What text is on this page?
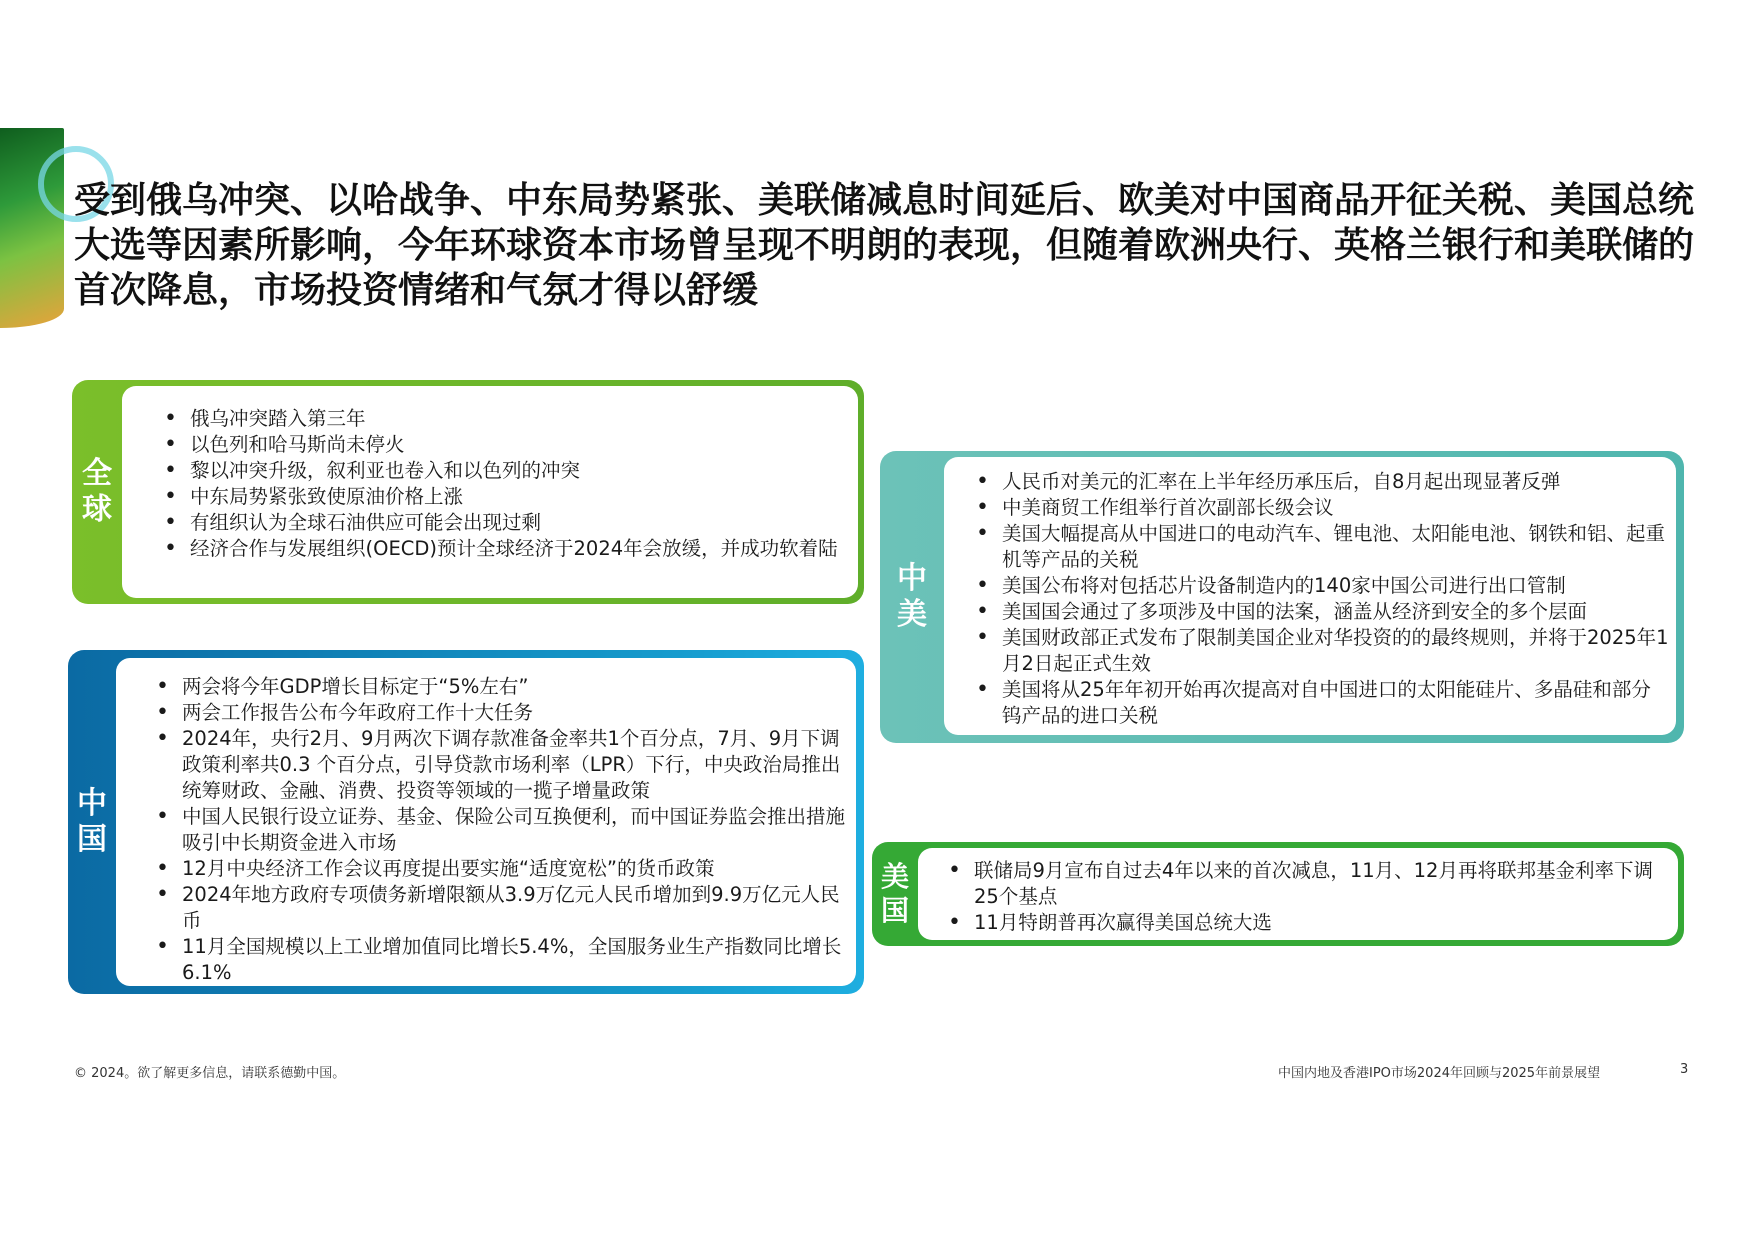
受到俄乌冲突、以哈战争、中东局势紧张、美联储减息时间延后、欧美对中国商品开征关税、美国总统大选等因素所影响，今年环球资本市场曾呈现不明朗的表现，但随着欧洲央行、英格兰银行和美联储的首次降息，市场投资情绪和气氛才得以舒缓
全
球
• 俄乌冲突踏入第三年
• 以色列和哈马斯尚未停火
• 黎以冲突升级，叙利亚也卷入和以色列的冲突
• 中东局势紧张致使原油价格上涨
• 有组织认为全球石油供应可能会出现过剩
• 经济合作与发展组织(OECD)预计全球经济于2024年会放缓，并成功软着陆
中
国
• 两会将今年GDP增长目标定于“5%左右”
• 两会工作报告公布今年政府工作十大任务
• 2024年，央行2月、9月两次下调存款准备金率共1个百分点，7月、9月下调政策利率共0.3 个百分点，引导贷款市场利率（LPR）下行，中央政治局推出统筹财政、金融、消费、投资等领域的一揽子增量政策
• 中国人民银行设立证券、基金、保险公司互换便利，而中国证券监会推出措施吸引中长期资金进入市场
• 12月中央经济工作会议再度提出要实施“适度宽松”的货币政策
• 2024年地方政府专项债务新增限额从3.9万亿元人民币增加到9.9万亿元人民币
• 11月全国规模以上工业增加值同比增长5.4%，全国服务业生产指数同比增长6.1%
中
美
• 人民币对美元的汇率在上半年经历承压后，自8月起出现显著反弹
• 中美商贸工作组举行首次副部长级会议
• 美国大幅提高从中国进口的电动汽车、锂电池、太阳能电池、钢铁和铝、起重机等产品的关税
• 美国公布将对包括芯片设备制造内的140家中国公司进行出口管制
• 美国国会通过了多项涉及中国的法案，涵盖从经济到安全的多个层面
• 美国财政部正式发布了限制美国企业对华投资的的最终规则，并将于2025年1月2日起正式生效
• 美国将从25年年初开始再次提高对自中国进口的太阳能硅片、多晶硅和部分钨产品的进口关税
美
国
• 联储局9月宣布自过去4年以来的首次减息，11月、12月再将联邦基金利率下调25个基点
• 11月特朗普再次赢得美国总统大选
© 2024。欲了解更多信息，请联系德勤中国。	中国内地及香港IPO市场2024年回顾与2025年前景展望	3
